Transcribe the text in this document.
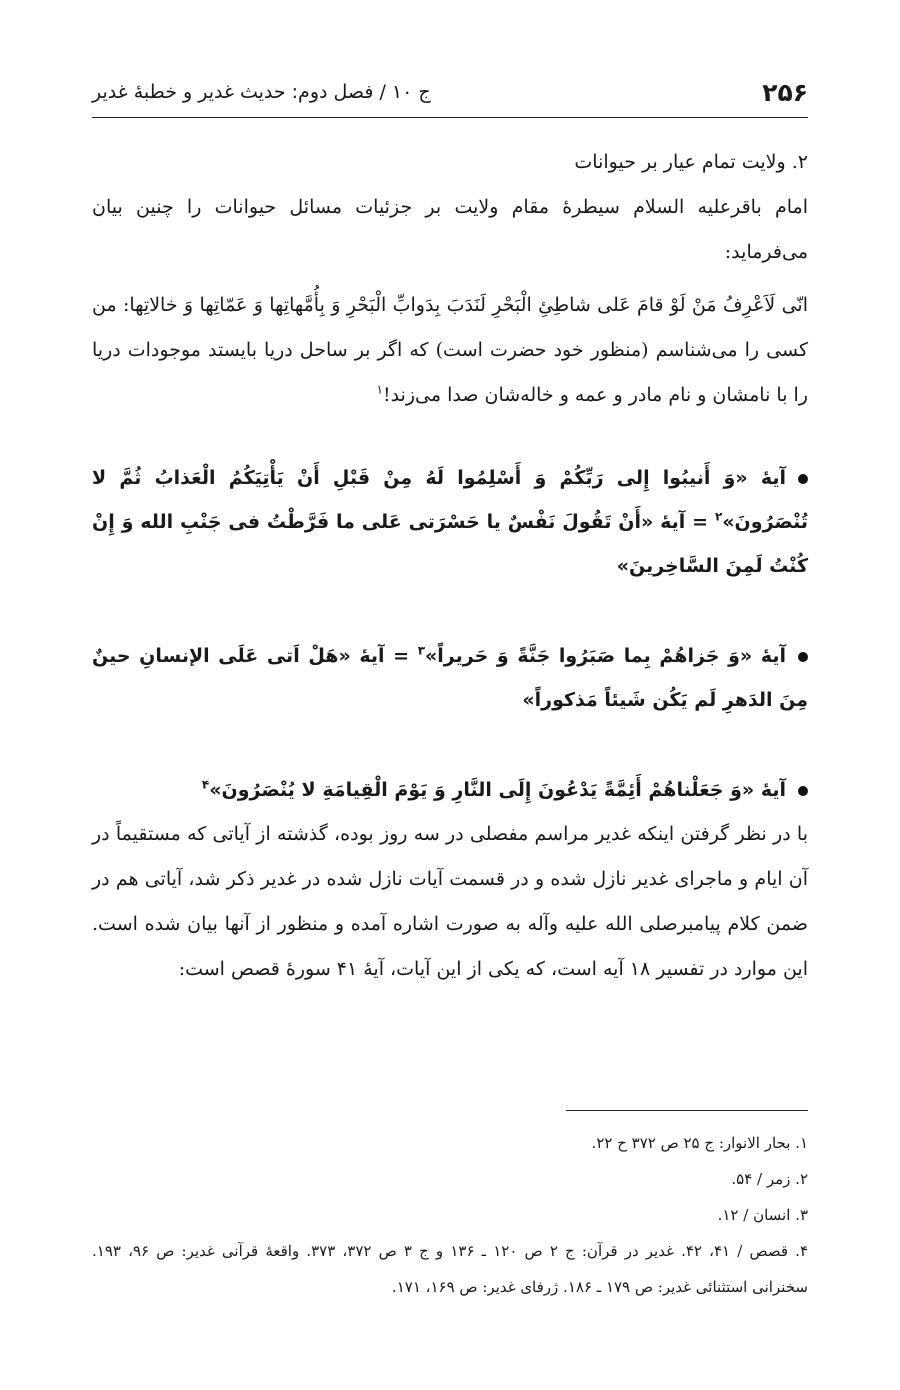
۲۵۶
ج ۱۰ / فصل دوم: حدیث غدیر و خطبهٔ غدیر

۲. ولایت تمام عیار بر حیوانات

امام باقرعليه السلام سیطرهٔ مقام ولایت بر جزئیات مسائل حیوانات را چنین بیان می‌فرماید:

انّی لَاَعْرِفُ مَنْ لَوْ قامَ عَلی شاطِئِ الْبَحْرِ لَنَدَبَ بِدَوابِّ الْبَحْرِ وَ بِأُمَّهاتِها وَ عَمّاتِها وَ خالاتِها: من کسی را می‌شناسم (منظور خود حضرت است) که اگر بر ساحل دریا بایستد موجودات دریا را با نامشان و نام مادر و عمه و خاله‌شان صدا می‌زند!$^۱$

آیهٔ «وَ أَنیبُوا إِلی رَبِّکُمْ وَ أَسْلِمُوا لَهُ مِنْ قَبْلِ أَنْ یَأْتِیَکُمُ الْعَذابُ ثُمَّ لا تُنْصَرُونَ»$^۲$ = آیهٔ «أَنْ تَقُولَ نَفْسٌ یا حَسْرَتی عَلی ما فَرَّطْتُ فی جَنْبِ الله وَ إِنْ کُنْتُ لَمِنَ السَّاخِرینَ»

آیهٔ «وَ جَزاهُمْ بِما صَبَرُوا جَنَّةً وَ حَریراً»$^۳$ = آیهٔ «هَلْ اَتی عَلَی الإنسانِ حینٌ مِنَ الدَهرِ لَم یَکُن شَیئاً مَذکوراً»

آیهٔ «وَ جَعَلْناهُمْ أَئِمَّةً یَدْعُونَ إِلَی النَّارِ وَ یَوْمَ الْقِیامَةِ لا یُنْصَرُونَ»$^۴$

با در نظر گرفتن اینکه غدیر مراسم مفصلی در سه روز بوده، گذشته از آیاتی که مستقیماً در آن ایام و ماجرای غدیر نازل شده و در قسمت آیات نازل شده در غدیر ذکر شد، آیاتی هم در ضمن کلام پیامبرصلى الله عليه وآله به صورت اشاره آمده و منظور از آنها بیان شده است. این موارد در تفسیر ۱۸ آیه است، که یکی از این آیات، آیهٔ ۴۱ سورهٔ قصص است:

۱. بحار الانوار: ج ۲۵ ص ۳۷۲ ح ۲۲.

۲. زمر / ۵۴.

۳. انسان / ۱۲.

۴. قصص / ۴۱، ۴۲. غدیر در قرآن: ج ۲ ص ۱۲۰ ـ ۱۳۶ و ج ۳ ص ۳۷۲، ۳۷۳. واقعهٔ قرآنی غدیر: ص ۹۶، ۱۹۳. سخنرانی استثنائی غدیر: ص ۱۷۹ ـ ۱۸۶. ژرفای غدیر: ص ۱۶۹، ۱۷۱.
